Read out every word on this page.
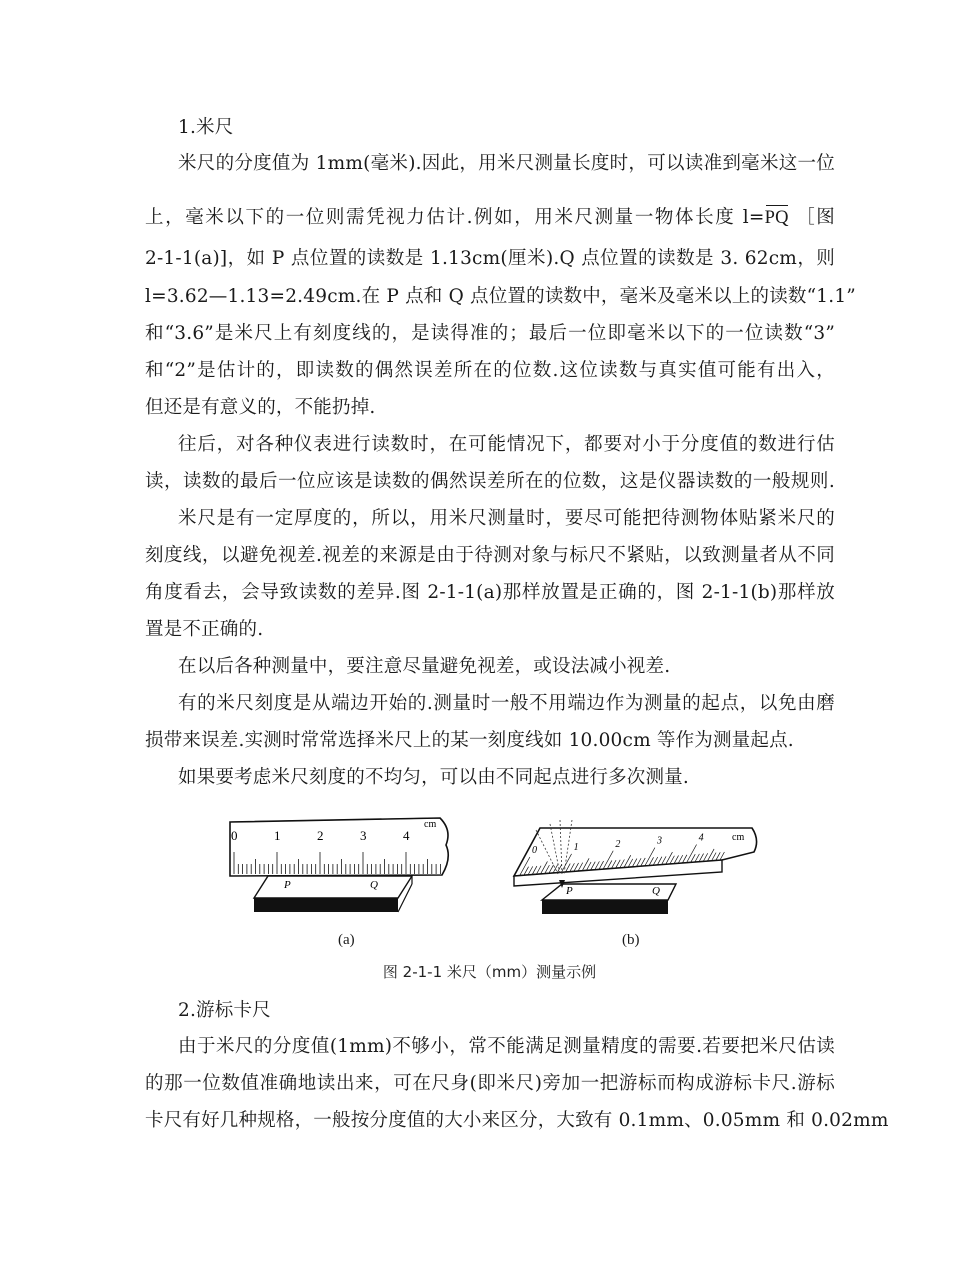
1.米尺
米尺的分度值为 1mm(毫米).因此，用米尺测量长度时，可以读准到毫米这一位
上，毫米以下的一位则需凭视力估计.例如，用米尺测量一物体长度 l=PQ ［图
2-1-1(a)]，如 P 点位置的读数是 1.13cm(厘米).Q 点位置的读数是 3. 62cm，则
l=3.62—1.13=2.49cm.在 P 点和 Q 点位置的读数中，毫米及毫米以上的读数“1.1”
和“3.6”是米尺上有刻度线的，是读得准的；最后一位即毫米以下的一位读数“3”
和“2”是估计的，即读数的偶然误差所在的位数.这位读数与真实值可能有出入，
但还是有意义的，不能扔掉.
往后，对各种仪表进行读数时，在可能情况下，都要对小于分度值的数进行估
读，读数的最后一位应该是读数的偶然误差所在的位数，这是仪器读数的一般规则.
米尺是有一定厚度的，所以，用米尺测量时，要尽可能把待测物体贴紧米尺的
刻度线，以避免视差.视差的来源是由于待测对象与标尺不紧贴，以致测量者从不同
角度看去，会导致读数的差异.图 2-1-1(a)那样放置是正确的，图 2-1-1(b)那样放
置是不正确的.
在以后各种测量中，要注意尽量避免视差，或设法减小视差.
有的米尺刻度是从端边开始的.测量时一般不用端边作为测量的起点，以免由磨
损带来误差.实测时常常选择米尺上的某一刻度线如 10.00cm 等作为测量起点.
如果要考虑米尺刻度的不均匀，可以由不同起点进行多次测量.
0	1	2	3	4
cm
P	Q
0	1	2	3	4	cm
P	Q
(a)	(b)
图 2-1-1 米尺（mm）测量示例
2.游标卡尺
由于米尺的分度值(1mm)不够小，常不能满足测量精度的需要.若要把米尺估读
的那一位数值准确地读出来，可在尺身(即米尺)旁加一把游标而构成游标卡尺.游标
卡尺有好几种规格，一般按分度值的大小来区分，大致有 0.1mm、0.05mm 和 0.02mm
